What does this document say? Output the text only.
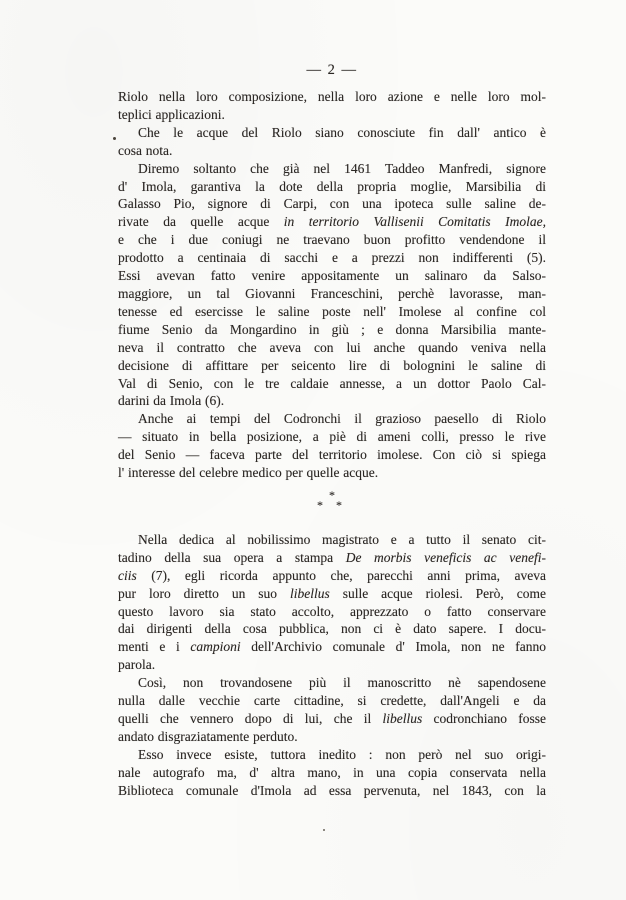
— 2 —
Riolo nella loro composizione, nella loro azione e nelle loro mol-
teplici applicazioni.
Che le acque del Riolo siano conosciute fin dall' antico è
cosa nota.
Diremo soltanto che già nel 1461 Taddeo Manfredi, signore
d' Imola, garantiva la dote della propria moglie, Marsibilia di
Galasso Pio, signore di Carpi, con una ipoteca sulle saline de-
rivate da quelle acque in territorio Vallisenii Comitatis Imolae,
e che i due coniugi ne traevano buon profitto vendendone il
prodotto a centinaia di sacchi e a prezzi non indifferenti (5).
Essi avevan fatto venire appositamente un salinaro da Salso-
maggiore, un tal Giovanni Franceschini, perchè lavorasse, man-
tenesse ed esercisse le saline poste nell' Imolese al confine col
fiume Senio da Mongardino in giù ; e donna Marsibilia mante-
neva il contratto che aveva con lui anche quando veniva nella
decisione di affittare per seicento lire di bolognini le saline di
Val di Senio, con le tre caldaie annesse, a un dottor Paolo Cal-
darini da Imola (6).
Anche ai tempi del Codronchi il grazioso paesello di Riolo
— situato in bella posizione, a piè di ameni colli, presso le rive
del Senio — faceva parte del territorio imolese. Con ciò si spiega
l' interesse del celebre medico per quelle acque.
*
* *
Nella dedica al nobilissimo magistrato e a tutto il senato cit-
tadino della sua opera a stampa De morbis veneficis ac venefi-
ciis (7), egli ricorda appunto che, parecchi anni prima, aveva
pur loro diretto un suo libellus sulle acque riolesi. Però, come
questo lavoro sia stato accolto, apprezzato o fatto conservare
dai dirigenti della cosa pubblica, non ci è dato sapere. I docu-
menti e i campioni dell'Archivio comunale d' Imola, non ne fanno
parola.
Così, non trovandosene più il manoscritto nè sapendosene
nulla dalle vecchie carte cittadine, si credette, dall'Angeli e da
quelli che vennero dopo di lui, che il libellus codronchiano fosse
andato disgraziatamente perduto.
Esso invece esiste, tuttora inedito : non però nel suo origi-
nale autografo ma, d' altra mano, in una copia conservata nella
Biblioteca comunale d'Imola ad essa pervenuta, nel 1843, con la
